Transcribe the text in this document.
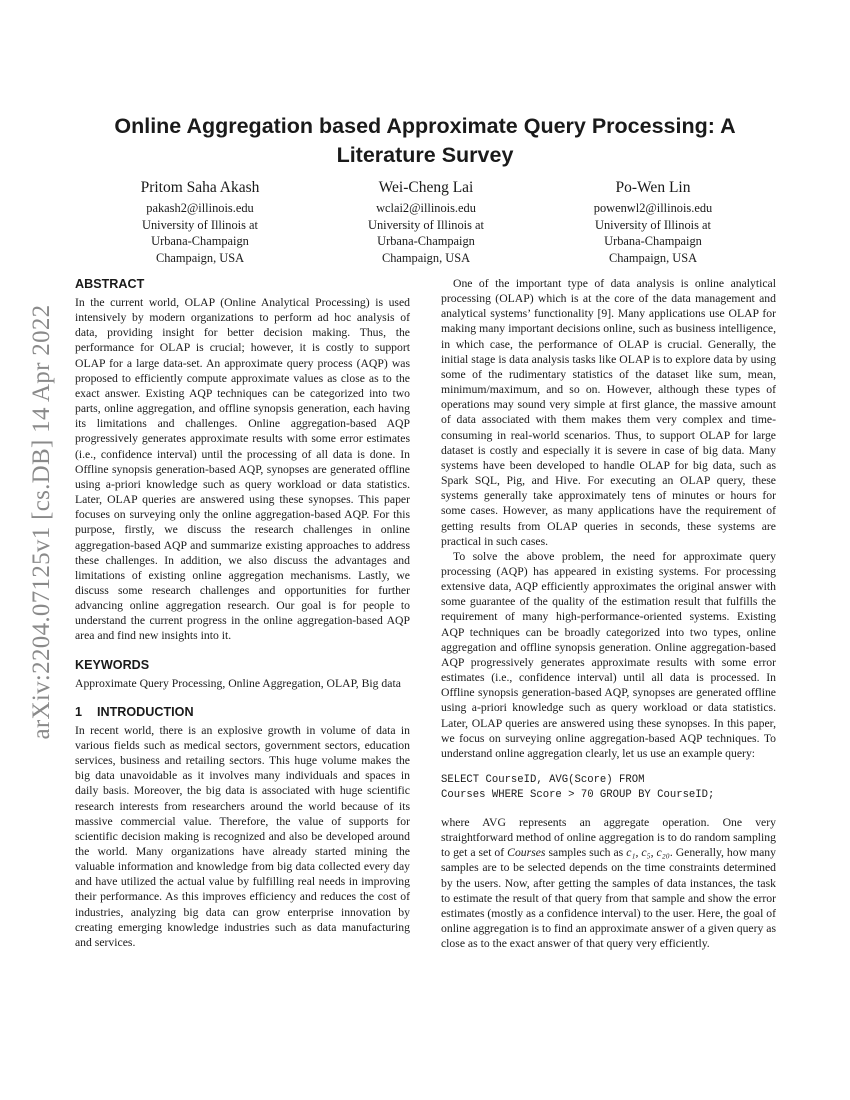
arXiv:2204.07125v1 [cs.DB] 14 Apr 2022
Online Aggregation based Approximate Query Processing: A Literature Survey
Pritom Saha Akash
pakash2@illinois.edu
University of Illinois at
Urbana-Champaign
Champaign, USA
Wei-Cheng Lai
wclai2@illinois.edu
University of Illinois at
Urbana-Champaign
Champaign, USA
Po-Wen Lin
powenwl2@illinois.edu
University of Illinois at
Urbana-Champaign
Champaign, USA
ABSTRACT

In the current world, OLAP (Online Analytical Processing) is used intensively by modern organizations to perform ad hoc analysis of data, providing insight for better decision making. Thus, the performance for OLAP is crucial; however, it is costly to support OLAP for a large data-set. An approximate query process (AQP) was proposed to efficiently compute approximate values as close as to the exact answer. Existing AQP techniques can be categorized into two parts, online aggregation, and offline synopsis generation, each having its limitations and challenges. Online aggregation-based AQP progressively generates approximate results with some error estimates (i.e., confidence interval) until the processing of all data is done. In Offline synopsis generation-based AQP, synopses are generated offline using a-priori knowledge such as query workload or data statistics. Later, OLAP queries are answered using these synopses. This paper focuses on surveying only the online aggregation-based AQP. For this purpose, firstly, we discuss the research challenges in online aggregation-based AQP and summarize existing approaches to address these challenges. In addition, we also discuss the advantages and limitations of existing online aggregation mechanisms. Lastly, we discuss some research challenges and opportunities for further advancing online aggregation research. Our goal is for people to understand the current progress in the online aggregation-based AQP area and find new insights into it.

KEYWORDS

Approximate Query Processing, Online Aggregation, OLAP, Big data

1 INTRODUCTION

In recent world, there is an explosive growth in volume of data in various fields such as medical sectors, government sectors, education services, business and retailing sectors. This huge volume makes the big data unavoidable as it involves many individuals and spaces in daily basis. Moreover, the big data is associated with huge scientific research interests from researchers around the world because of its massive commercial value. Therefore, the value of supports for scientific decision making is recognized and also be developed around the world. Many organizations have already started mining the valuable information and knowledge from big data collected every day and have utilized the actual value by fulfilling real needs in improving their performance. As this improves efficiency and reduces the cost of industries, analyzing big data can grow enterprise innovation by creating emerging knowledge industries such as data manufacturing and services.

One of the important type of data analysis is online analytical processing (OLAP) which is at the core of the data management and analytical systems’ functionality [9]. Many applications use OLAP for making many important decisions online, such as business intelligence, in which case, the performance of OLAP is crucial. Generally, the initial stage is data analysis tasks like OLAP is to explore data by using some of the rudimentary statistics of the dataset like sum, mean, minimum/maximum, and so on. However, although these types of operations may sound very simple at first glance, the massive amount of data associated with them makes them very complex and time-consuming in real-world scenarios. Thus, to support OLAP for large dataset is costly and especially it is severe in case of big data. Many systems have been developed to handle OLAP for big data, such as Spark SQL, Pig, and Hive. For executing an OLAP query, these systems generally take approximately tens of minutes or hours for some cases. However, as many applications have the requirement of getting results from OLAP queries in seconds, these systems are practical in such cases.

To solve the above problem, the need for approximate query processing (AQP) has appeared in existing systems. For processing extensive data, AQP efficiently approximates the original answer with some guarantee of the quality of the estimation result that fulfills the requirement of many high-performance-oriented systems. Existing AQP techniques can be broadly categorized into two types, online aggregation and offline synopsis generation. Online aggregation-based AQP progressively generates approximate results with some error estimates (i.e., confidence interval) until all data is processed. In Offline synopsis generation-based AQP, synopses are generated offline using a-priori knowledge such as query workload or data statistics. Later, OLAP queries are answered using these synopses. In this paper, we focus on surveying online aggregation-based AQP techniques. To understand online aggregation clearly, let us use an example query:

SELECT CourseID, AVG(Score) FROM
Courses WHERE Score > 70 GROUP BY CourseID;

where AVG represents an aggregate operation. One very straightforward method of online aggregation is to do random sampling to get a set of Courses samples such as c₁, c₅, c₂₀. Generally, how many samples are to be selected depends on the time constraints determined by the users. Now, after getting the samples of data instances, the task to estimate the result of that query from that sample and show the error estimates (mostly as a confidence interval) to the user. Here, the goal of online aggregation is to find an approximate answer of a given query as close as to the exact answer of that query very efficiently.
